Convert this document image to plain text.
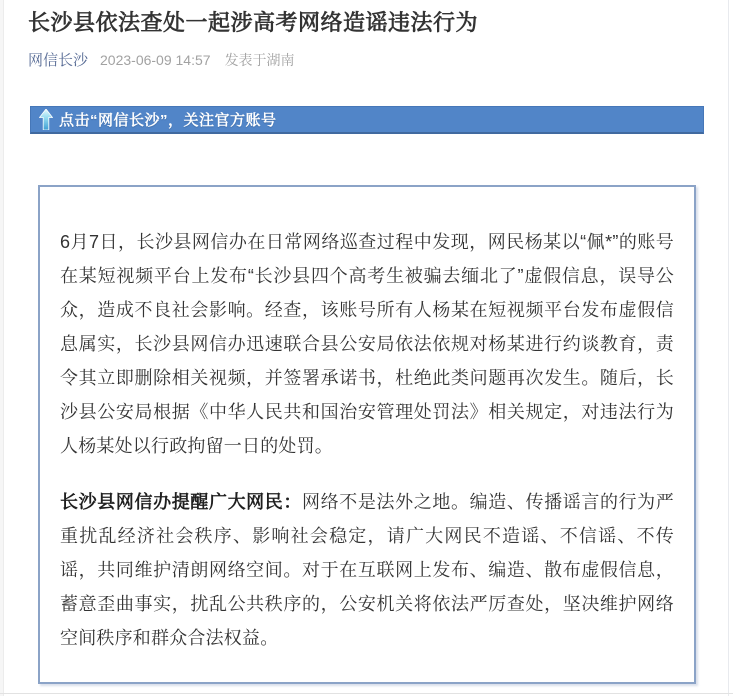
长沙县依法查处一起涉高考网络造谣违法行为
网信长沙 2023-06-09 14:57 发表于湖南
点击“网信长沙”，关注官方账号

6月7日，长沙县网信办在日常网络巡查过程中发现，网民杨某以“佩*”的账号在某短视频平台上发布“长沙县四个高考生被骗去缅北了”虚假信息，误导公众，造成不良社会影响。经查，该账号所有人杨某在短视频平台发布虚假信息属实，长沙县网信办迅速联合县公安局依法依规对杨某进行约谈教育，责令其立即删除相关视频，并签署承诺书，杜绝此类问题再次发生。随后，长沙县公安局根据《中华人民共和国治安管理处罚法》相关规定，对违法行为人杨某处以行政拘留一日的处罚。

长沙县网信办提醒广大网民：网络不是法外之地。编造、传播谣言的行为严重扰乱经济社会秩序、影响社会稳定，请广大网民不造谣、不信谣、不传谣，共同维护清朗网络空间。对于在互联网上发布、编造、散布虚假信息，蓄意歪曲事实，扰乱公共秩序的，公安机关将依法严厉查处，坚决维护网络空间秩序和群众合法权益。
